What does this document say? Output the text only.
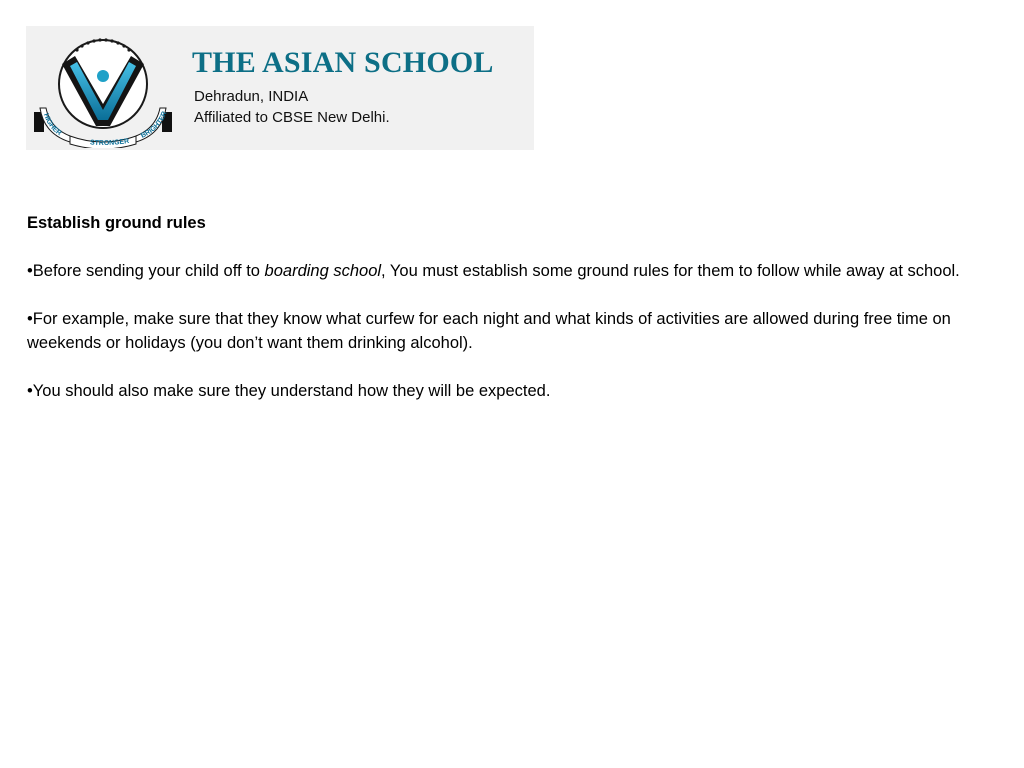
HIGHER
STRONGER
BRIGHTER
THE ASIAN SCHOOL
Dehradun, INDIA
Affiliated to CBSE New Delhi.

Establish ground rules

•Before sending your child off to boarding school, You must establish some ground rules for them to follow while away at school.

•For example, make sure that they know what curfew for each night and what kinds of activities are allowed during free time on weekends or holidays (you don’t want them drinking alcohol).

•You should also make sure they understand how they will be expected.
